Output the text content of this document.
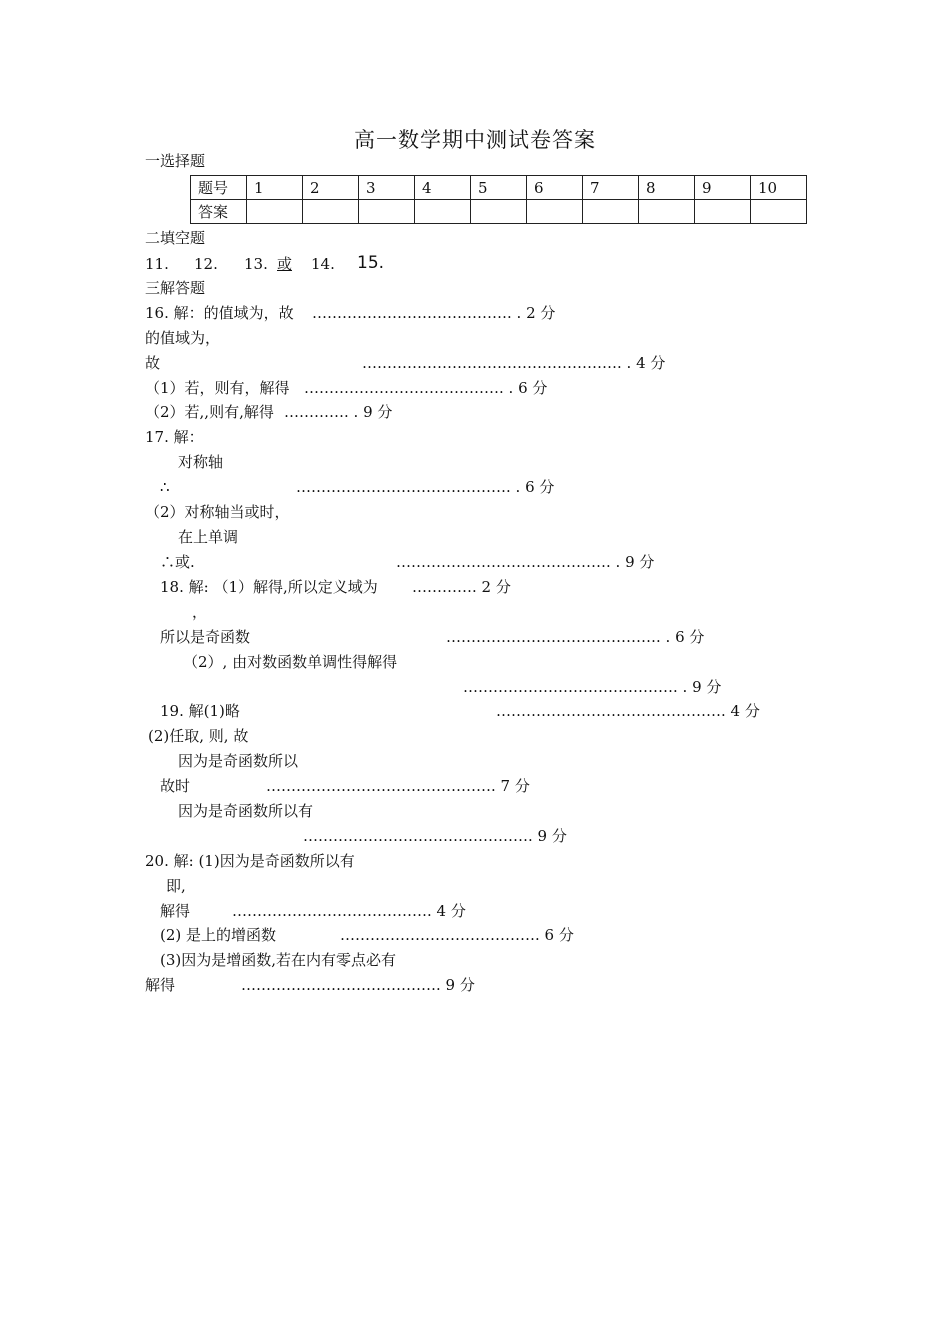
高一数学期中测试卷答案
一选择题
题号	1	2	3	4	5	6	7	8	9	10
答案										
二填空题
11. 12. 13. 或 14. 15.
三解答题
16. 解：的值域为，故 …………………………………. . 2 分
的值域为，
故	……………………………………………. . 4 分
（1）若，则有，解得 …………………………………. . 6 分
（2）若,,则有,解得 …………. . 9 分
17. 解：
对称轴
∴	……………………………………. . 6 分
（2）对称轴当或时，
在上单调
∴或.	……………………………………. . 9 分
18. 解: （1）解得,所以定义域为 …………. 2 分
，
所以是奇函数	……………………………………. . 6 分
（2）, 由对数函数单调性得解得
……………………………………. . 9 分
19. 解(1)略	………………………………………. 4 分
(2)任取, 则, 故
因为是奇函数所以
故时	………………………………………. 7 分
因为是奇函数所以有
………………………………………. 9 分
20. 解: (1)因为是奇函数所以有
即,
解得	…………………………………. 4 分
(2) 是上的增函数	…………………………………. 6 分
(3)因为是增函数,若在内有零点必有
解得	…………………………………. 9 分
